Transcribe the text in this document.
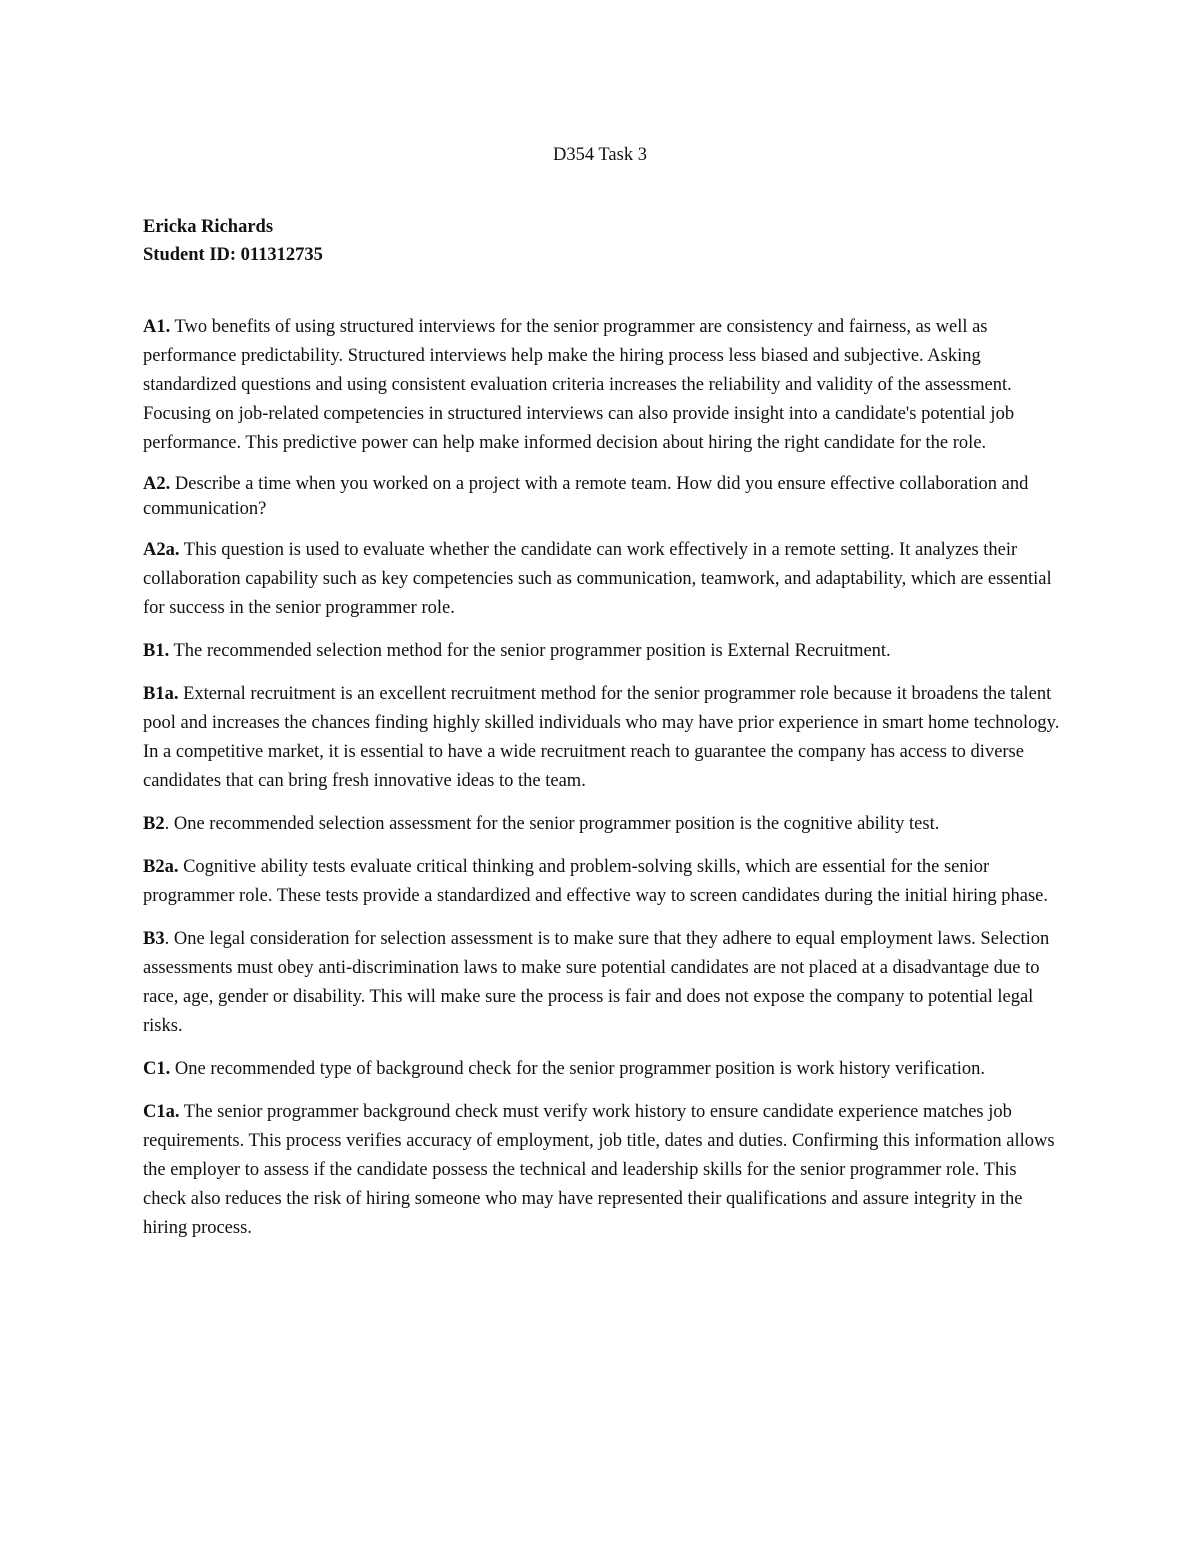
D354 Task 3

Ericka Richards

Student ID: 011312735

A1. Two benefits of using structured interviews for the senior programmer are consistency and fairness, as well as performance predictability. Structured interviews help make the hiring process less biased and subjective. Asking standardized questions and using consistent evaluation criteria increases the reliability and validity of the assessment. Focusing on job-related competencies in structured interviews can also provide insight into a candidate's potential job performance. This predictive power can help make informed decision about hiring the right candidate for the role.

A2. Describe a time when you worked on a project with a remote team. How did you ensure effective collaboration and communication?

A2a. This question is used to evaluate whether the candidate can work effectively in a remote setting. It analyzes their collaboration capability such as key competencies such as communication, teamwork, and adaptability, which are essential for success in the senior programmer role.

B1. The recommended selection method for the senior programmer position is External Recruitment.

B1a. External recruitment is an excellent recruitment method for the senior programmer role because it broadens the talent pool and increases the chances finding highly skilled individuals who may have prior experience in smart home technology. In a competitive market, it is essential to have a wide recruitment reach to guarantee the company has access to diverse candidates that can bring fresh innovative ideas to the team.

B2. One recommended selection assessment for the senior programmer position is the cognitive ability test.

B2a. Cognitive ability tests evaluate critical thinking and problem-solving skills, which are essential for the senior programmer role. These tests provide a standardized and effective way to screen candidates during the initial hiring phase.

B3. One legal consideration for selection assessment is to make sure that they adhere to equal employment laws. Selection assessments must obey anti-discrimination laws to make sure potential candidates are not placed at a disadvantage due to race, age, gender or disability. This will make sure the process is fair and does not expose the company to potential legal risks.

C1. One recommended type of background check for the senior programmer position is work history verification.

C1a. The senior programmer background check must verify work history to ensure candidate experience matches job requirements. This process verifies accuracy of employment, job title, dates and duties. Confirming this information allows the employer to assess if the candidate possess the technical and leadership skills for the senior programmer role. This check also reduces the risk of hiring someone who may have represented their qualifications and assure integrity in the hiring process.
